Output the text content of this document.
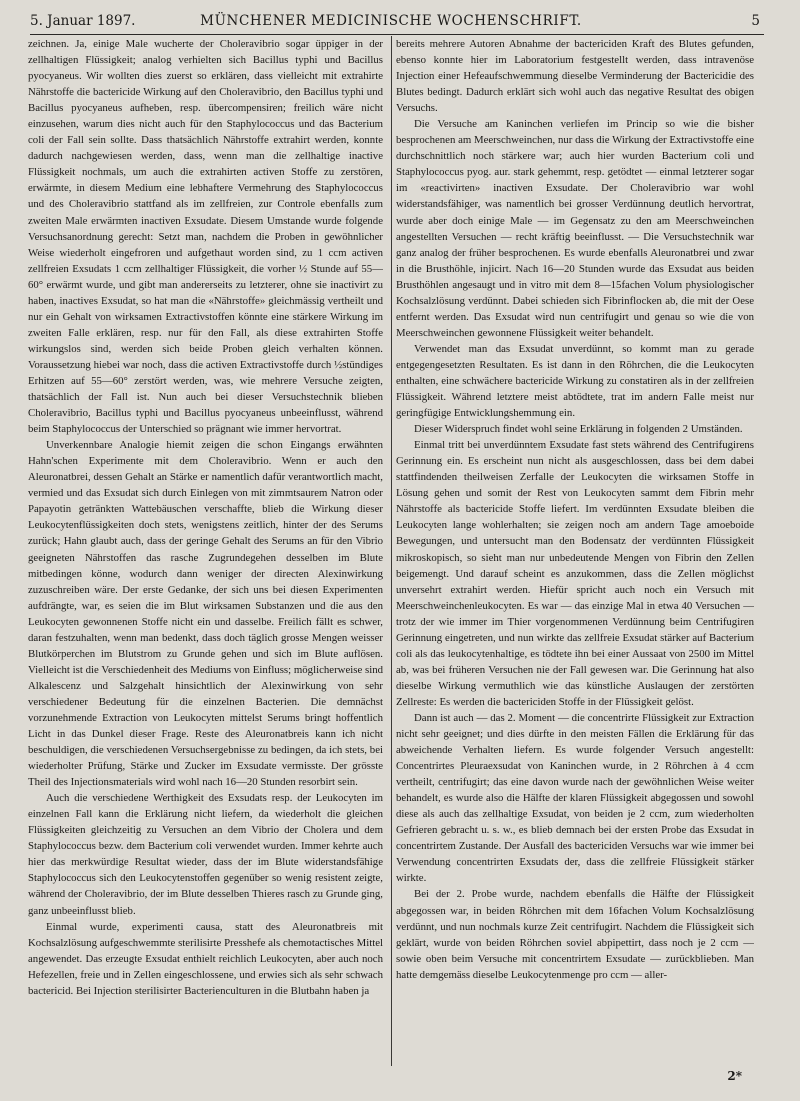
5. Januar 1897.	MÜNCHENER MEDICINISCHE WOCHENSCHRIFT.	5

zeichnen. Ja, einige Male wucherte der Choleravibrio sogar üppiger in der zellhaltigen Flüssigkeit; analog verhielten sich Bacillus typhi und Bacillus pyocyaneus. Wir wollten dies zuerst so erklären, dass vielleicht mit extrahirte Nährstoffe die bactericide Wirkung auf den Choleravibrio, den Bacillus typhi und Bacillus pyocyaneus aufheben, resp. übercompensiren; freilich wäre nicht einzusehen, warum dies nicht auch für den Staphylococcus und das Bacterium coli der Fall sein sollte. Dass thatsächlich Nährstoffe extrahirt werden, konnte dadurch nachgewiesen werden, dass, wenn man die zellhaltige inactive Flüssigkeit nochmals, um auch die extrahirten activen Stoffe zu zerstören, erwärmte, in diesem Medium eine lebhaftere Vermehrung des Staphylococcus und des Choleravibrio stattfand als im zellfreien, zur Controle ebenfalls zum zweiten Male erwärmten inactiven Exsudate. Diesem Umstande wurde folgende Versuchsanordnung gerecht: Setzt man, nachdem die Proben in gewöhnlicher Weise wiederholt eingefroren und aufgethaut worden sind, zu 1 ccm activen zellfreien Exsudats 1 ccm zellhaltiger Flüssigkeit, die vorher ½ Stunde auf 55—60° erwärmt wurde, und gibt man andererseits zu letzterer, ohne sie inactivirt zu haben, inactives Exsudat, so hat man die «Nährstoffe» gleichmässig vertheilt und nur ein Gehalt von wirksamen Extractivstoffen könnte eine stärkere Wirkung im zweiten Falle erklären, resp. nur für den Fall, als diese extrahirten Stoffe wirkungslos sind, werden sich beide Proben gleich verhalten können. Voraussetzung hiebei war noch, dass die activen Extractivstoffe durch ½stündiges Erhitzen auf 55—60° zerstört werden, was, wie mehrere Versuche zeigten, thatsächlich der Fall ist. Nun auch bei dieser Versuchstechnik blieben Choleravibrio, Bacillus typhi und Bacillus pyocyaneus unbeeinflusst, während beim Staphylococcus der Unterschied so prägnant wie immer hervortrat.

Unverkennbare Analogie hiemit zeigen die schon Eingangs erwähnten Hahn'schen Experimente mit dem Choleravibrio. Wenn er auch den Aleuronatbrei, dessen Gehalt an Stärke er namentlich dafür verantwortlich macht, vermied und das Exsudat sich durch Einlegen von mit zimmtsaurem Natron oder Papayotin getränkten Wattebäuschen verschaffte, blieb die Wirkung dieser Leukocytenflüssigkeiten doch stets, wenigstens zeitlich, hinter der des Serums zurück; Hahn glaubt auch, dass der geringe Gehalt des Serums an für den Vibrio geeigneten Nährstoffen das rasche Zugrundegehen desselben im Blute mitbedingen könne, wodurch dann weniger der directen Alexinwirkung zuzuschreiben wäre. Der erste Gedanke, der sich uns bei diesen Experimenten aufdrängte, war, es seien die im Blut wirksamen Substanzen und die aus den Leukocyten gewonnenen Stoffe nicht ein und dasselbe. Freilich fällt es schwer, daran festzuhalten, wenn man bedenkt, dass doch täglich grosse Mengen weisser Blutkörperchen im Blutstrom zu Grunde gehen und sich im Blute auflösen. Vielleicht ist die Verschiedenheit des Mediums von Einfluss; möglicherweise sind Alkalescenz und Salzgehalt hinsichtlich der Alexinwirkung von sehr verschiedener Bedeutung für die einzelnen Bacterien. Die demnächst vorzunehmende Extraction von Leukocyten mittelst Serums bringt hoffentlich Licht in das Dunkel dieser Frage. Reste des Aleuronatbreis kann ich nicht beschuldigen, die verschiedenen Versuchsergebnisse zu bedingen, da ich stets, bei wiederholter Prüfung, Stärke und Zucker im Exsudate vermisste. Der grösste Theil des Injectionsmaterials wird wohl nach 16—20 Stunden resorbirt sein.

Auch die verschiedene Werthigkeit des Exsudats resp. der Leukocyten im einzelnen Fall kann die Erklärung nicht liefern, da wiederholt die gleichen Flüssigkeiten gleichzeitig zu Versuchen an dem Vibrio der Cholera und dem Staphylococcus bezw. dem Bacterium coli verwendet wurden. Immer kehrte auch hier das merkwürdige Resultat wieder, dass der im Blute widerstandsfähige Staphylococcus sich den Leukocytenstoffen gegenüber so wenig resistent zeigte, während der Choleravibrio, der im Blute desselben Thieres rasch zu Grunde ging, ganz unbeeinflusst blieb.

Einmal wurde, experimenti causa, statt des Aleuronatbreis mit Kochsalzlösung aufgeschwemmte sterilisirte Presshefe als chemotactisches Mittel angewendet. Das erzeugte Exsudat enthielt reichlich Leukocyten, aber auch noch Hefezellen, freie und in Zellen eingeschlossene, und erwies sich als sehr schwach bactericid. Bei Injection sterilisirter Bacterienculturen in die Blutbahn haben ja

bereits mehrere Autoren Abnahme der bactericiden Kraft des Blutes gefunden, ebenso konnte hier im Laboratorium festgestellt werden, dass intravenöse Injection einer Hefeaufschwemmung dieselbe Verminderung der Bactericidie des Blutes bedingt. Dadurch erklärt sich wohl auch das negative Resultat des obigen Versuchs.

Die Versuche am Kaninchen verliefen im Princip so wie die bisher besprochenen am Meerschweinchen, nur dass die Wirkung der Extractivstoffe eine durchschnittlich noch stärkere war; auch hier wurden Bacterium coli und Staphylococcus pyog. aur. stark gehemmt, resp. getödtet — einmal letzterer sogar im «reactivirten» inactiven Exsudate. Der Choleravibrio war wohl widerstandsfähiger, was namentlich bei grosser Verdünnung deutlich hervortrat, wurde aber doch einige Male — im Gegensatz zu den am Meerschweinchen angestellten Versuchen — recht kräftig beeinflusst. — Die Versuchstechnik war ganz analog der früher besprochenen. Es wurde ebenfalls Aleuronatbrei und zwar in die Brusthöhle, injicirt. Nach 16—20 Stunden wurde das Exsudat aus beiden Brusthöhlen angesaugt und in vitro mit dem 8—15fachen Volum physiologischer Kochsalzlösung verdünnt. Dabei schieden sich Fibrinflocken ab, die mit der Oese entfernt werden. Das Exsudat wird nun centrifugirt und genau so wie die von Meerschweinchen gewonnene Flüssigkeit weiter behandelt.

Verwendet man das Exsudat unverdünnt, so kommt man zu gerade entgegengesetzten Resultaten. Es ist dann in den Röhrchen, die die Leukocyten enthalten, eine schwächere bactericide Wirkung zu constatiren als in der zellfreien Flüssigkeit. Während letztere meist abtödtete, trat im andern Falle meist nur geringfügige Entwicklungshemmung ein.

Dieser Widerspruch findet wohl seine Erklärung in folgenden 2 Umständen.

Einmal tritt bei unverdünntem Exsudate fast stets während des Centrifugirens Gerinnung ein. Es erscheint nun nicht als ausgeschlossen, dass bei dem dabei stattfindenden theilweisen Zerfalle der Leukocyten die wirksamen Stoffe in Lösung gehen und somit der Rest von Leukocyten sammt dem Fibrin mehr Nährstoffe als bactericide Stoffe liefert. Im verdünnten Exsudate bleiben die Leukocyten lange wohlerhalten; sie zeigen noch am andern Tage amoeboide Bewegungen, und untersucht man den Bodensatz der verdünnten Flüssigkeit mikroskopisch, so sieht man nur unbedeutende Mengen von Fibrin den Zellen beigemengt. Und darauf scheint es anzukommen, dass die Zellen möglichst unversehrt extrahirt werden. Hiefür spricht auch noch ein Versuch mit Meerschweinchenleukocyten. Es war — das einzige Mal in etwa 40 Versuchen — trotz der wie immer im Thier vorgenommenen Verdünnung beim Centrifugiren Gerinnung eingetreten, und nun wirkte das zellfreie Exsudat stärker auf Bacterium coli als das leukocytenhaltige, es tödtete ihn bei einer Aussaat von 2500 im Mittel ab, was bei früheren Versuchen nie der Fall gewesen war. Die Gerinnung hat also dieselbe Wirkung vermuthlich wie das künstliche Auslaugen der zerstörten Zellreste: Es werden die bactericiden Stoffe in der Flüssigkeit gelöst.

Dann ist auch — das 2. Moment — die concentrirte Flüssigkeit zur Extraction nicht sehr geeignet; und dies dürfte in den meisten Fällen die Erklärung für das abweichende Verhalten liefern. Es wurde folgender Versuch angestellt: Concentrirtes Pleuraexsudat von Kaninchen wurde, in 2 Röhrchen à 4 ccm vertheilt, centrifugirt; das eine davon wurde nach der gewöhnlichen Weise weiter behandelt, es wurde also die Hälfte der klaren Flüssigkeit abgegossen und sowohl diese als auch das zellhaltige Exsudat, von beiden je 2 ccm, zum wiederholten Gefrieren gebracht u. s. w., es blieb demnach bei der ersten Probe das Exsudat in concentrirtem Zustande. Der Ausfall des bactericiden Versuchs war wie immer bei Verwendung concentrirten Exsudats der, dass die zellfreie Flüssigkeit stärker wirkte.

Bei der 2. Probe wurde, nachdem ebenfalls die Hälfte der Flüssigkeit abgegossen war, in beiden Röhrchen mit dem 16fachen Volum Kochsalzlösung verdünnt, und nun nochmals kurze Zeit centrifugirt. Nachdem die Flüssigkeit sich geklärt, wurde von beiden Röhrchen soviel abpipettirt, dass noch je 2 ccm — sowie oben beim Versuche mit concentrirtem Exsudate — zurückblieben. Man hatte demgemäss dieselbe Leukocytenmenge pro ccm — aller-

2*
